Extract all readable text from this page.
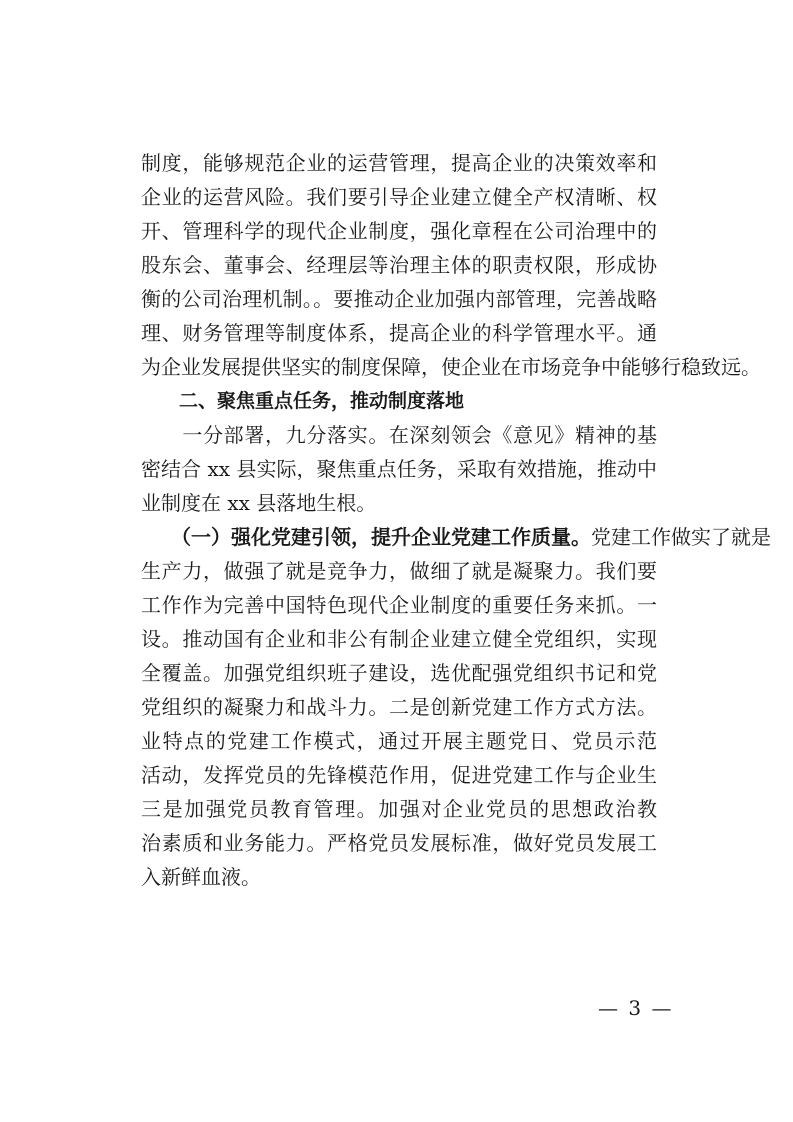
制度，能够规范企业的运营管理，提高企业的决策效率和
企业的运营风险。我们要引导企业建立健全产权清晰、权
开、管理科学的现代企业制度，强化章程在公司治理中的
股东会、董事会、经理层等治理主体的职责权限，形成协
衡的公司治理机制。。要推动企业加强内部管理，完善战略
理、财务管理等制度体系，提高企业的科学管理水平。通
为企业发展提供坚实的制度保障，使企业在市场竞争中能够行稳致远。
　　二、聚焦重点任务，推动制度落地
　　一分部署，九分落实。在深刻领会《意见》精神的基
密结合 xx 县实际，聚焦重点任务，采取有效措施，推动中
业制度在 xx 县落地生根。
　　（一）强化党建引领，提升企业党建工作质量。 党建工作做实了就是
生产力，做强了就是竞争力，做细了就是凝聚力。我们要
工作作为完善中国特色现代企业制度的重要任务来抓。一
设。推动国有企业和非公有制企业建立健全党组织，实现
全覆盖。加强党组织班子建设，选优配强党组织书记和党
党组织的凝聚力和战斗力。二是创新党建工作方式方法。
业特点的党建工作模式，通过开展主题党日、党员示范
活动，发挥党员的先锋模范作用，促进党建工作与企业生
三是加强党员教育管理。加强对企业党员的思想政治教
治素质和业务能力。严格党员发展标准，做好党员发展工
入新鲜血液。
— 3 —
